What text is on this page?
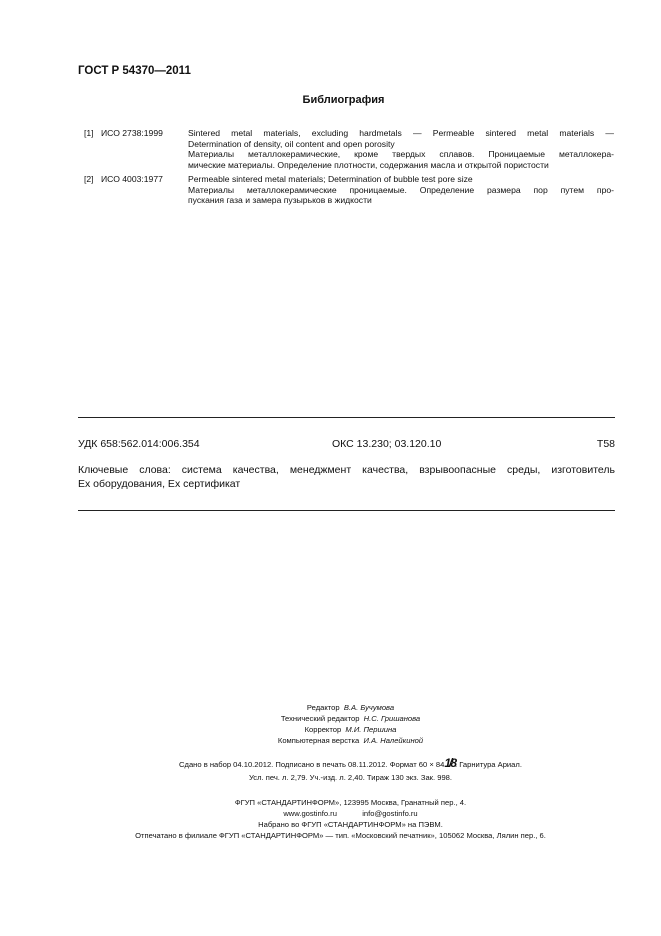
ГОСТ Р 54370—2011
Библиография
[1] ИСО 2738:1999	Sintered metal materials, excluding hardmetals — Permeable sintered metal materials —
Determination of density, oil content and open porosity
Материалы металлокерамические, кроме твердых сплавов. Проницаемые металлокера-
мические материалы. Определение плотности, содержания масла и открытой пористости
[2] ИСО 4003:1977	Permeable sintered metal materials; Determination of bubble test pore size
Материалы металлокерамические проницаемые. Определение размера пор путем про-
пускания газа и замера пузырьков в жидкости
УДК 658:562.014:006.354	ОКС 13.230; 03.120.10	Т58
Ключевые слова: система качества, менеджмент качества, взрывоопасные среды, изготовитель
Ex оборудования, Ex сертификат
Редактор В.А. Бучумова
Технический редактор Н.С. Гришанова
Корректор М.И. Першина
Компьютерная верстка И.А. Налейкиной
Сдано в набор 04.10.2012. Подписано в печать 08.11.2012. Формат 60 × 841/8. Гарнитура Ариал.
Усл. печ. л. 2,79. Уч.-изд. л. 2,40. Тираж 130 экз. Зак. 998.
ФГУП «СТАНДАРТИНФОРМ», 123995 Москва, Гранатный пер., 4.
www.gostinfo.ru	info@gostinfo.ru
Набрано во ФГУП «СТАНДАРТИНФОРМ» на ПЭВМ.
Отпечатано в филиале ФГУП «СТАНДАРТИНФОРМ» — тип. «Московский печатник», 105062 Москва, Лялин пер., 6.
